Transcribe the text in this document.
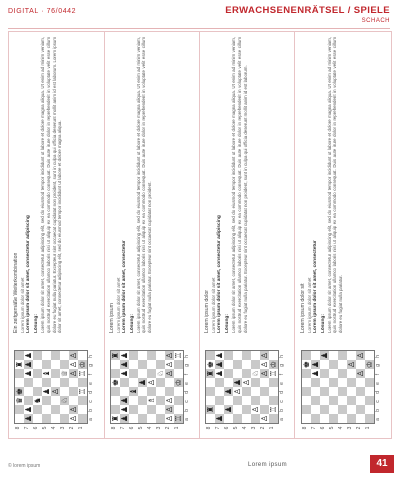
DIGITAL · 76/0442	ERWACHSENENRÄTSEL / SPIELE
SCHACH
8 7 6 5 4 3 2 1
♛
♚
♜
♟
♟
♟
♟
♟
♞
♟
♝
♙
♘
♕
♙
♙
♙
♙
♙
♖
♖
♔
a
b
c
d
e
f
g
h

Ein zeitgemäße Weiterkombination Lorem ipsum dolor sit amet Lorem ipsum dolor sit amet, consectetur adipiscing Lösung: Lorem ipsum dolor sit amet, consectetur adipiscing elit, sed do eiusmod tempor incididunt ut labore et dolore magna aliqua. Ut enim ad minim veniam, quis nostrud exercitation ullamco laboris nisi ut aliquip ex ea commodo consequat. Duis aute irure dolor in reprehenderit in voluptate velit esse cillum dolore eu fugiat nulla pariatur. Excepteur sint occaecat cupidatat non proident, sunt in culpa qui officia deserunt mollit anim id est laborum. Lorem ipsum dolor sit amet, consectetur adipiscing elit, sed do eiusmod tempor incididunt ut labore et dolore magna aliqua.

8 7 6 5 4 3 2 1
♜
♚
♜
♟
♟
♟
♟
♟
♟
♝
♟
♗
♙
♘
♙
♙
♙
♙
♙
♙
♖
♔
♖
a
b
c
d
e
f
g
h

Lorem ipsum Lorem ipsum dolor sit amet Lorem ipsum dolor sit amet, consectetur Lösung: Lorem ipsum dolor sit amet, consectetur adipiscing elit, sed do eiusmod tempor incididunt ut labore et dolore magna aliqua. Ut enim ad minim veniam, quis nostrud exercitation ullamco laboris nisi ut aliquip ex ea commodo consequat. Duis aute irure dolor in reprehenderit in voluptate velit esse cillum dolore eu fugiat nulla pariatur. Excepteur sint occaecat cupidatat non proident.

8 7 6 5 4 3 2 1
♜
♜
♚
♟
♟
♟
♟
♟
♟ ♙
♟ ♙
♙
♘
♙
♙
♙
♙
♖
♖
♔
a
b
c
d
e
f
g
h

Lorem ipsum dolor Lorem ipsum dolor sit amet Lorem ipsum dolor sit amet, consectetur adipiscing Lösung: Lorem ipsum dolor sit amet, consectetur adipiscing elit, sed do eiusmod tempor incididunt ut labore et dolore magna aliqua. Ut enim ad minim veniam, quis nostrud exercitation ullamco laboris nisi ut aliquip ex ea commodo consequat. Duis aute irure dolor in reprehenderit in voluptate velit esse cillum dolore eu fugiat nulla pariatur. Excepteur sint occaecat cupidatat non proident, sunt in culpa qui officia deserunt mollit anim id est laborum.

8 7 6 5 4 3 2 1
♚
♟
♟
♟
♙
♙
♙
♔
a
b
c
d
e
f
g
h

Lorem ipsum dolor sit Lorem ipsum dolor sit amet Lorem ipsum dolor sit amet, consectetur Lösung: Lorem ipsum dolor sit amet, consectetur adipiscing elit, sed do eiusmod tempor incididunt ut labore et dolore magna aliqua. Ut enim ad minim veniam, quis nostrud exercitation ullamco laboris nisi ut aliquip ex ea commodo consequat. Duis aute irure dolor in reprehenderit in voluptate velit esse cillum dolore eu fugiat nulla pariatur.

© lorem ipsum	Lorem ipsum	41
